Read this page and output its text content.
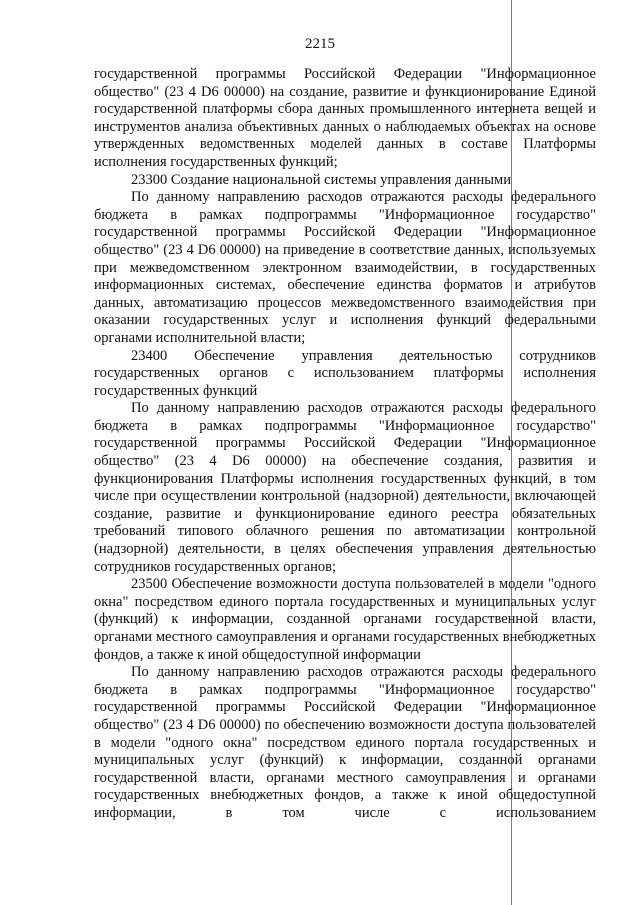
2215

государственной программы Российской Федерации "Информационное общество" (23 4 D6 00000) на создание, развитие и функционирование Единой государственной платформы сбора данных промышленного интернета вещей и инструментов анализа объективных данных о наблюдаемых объектах на основе утвержденных ведомственных моделей данных в составе Платформы исполнения государственных функций;

23300 Создание национальной системы управления данными

По данному направлению расходов отражаются расходы федерального бюджета в рамках подпрограммы "Информационное государство" государственной программы Российской Федерации "Информационное общество" (23 4 D6 00000) на приведение в соответствие данных, используемых при межведомственном электронном взаимодействии, в государственных информационных системах, обеспечение единства форматов и атрибутов данных, автоматизацию процессов межведомственного взаимодействия при оказании государственных услуг и исполнения функций федеральными органами исполнительной власти;

23400 Обеспечение управления деятельностью сотрудников государственных органов с использованием платформы исполнения государственных функций

По данному направлению расходов отражаются расходы федерального бюджета в рамках подпрограммы "Информационное государство" государственной программы Российской Федерации "Информационное общество" (23 4 D6 00000) на обеспечение создания, развития и функционирования Платформы исполнения государственных функций, в том числе при осуществлении контрольной (надзорной) деятельности, включающей создание, развитие и функционирование единого реестра обязательных требований типового облачного решения по автоматизации контрольной (надзорной) деятельности, в целях обеспечения управления деятельностью сотрудников государственных органов;

23500 Обеспечение возможности доступа пользователей в модели "одного окна" посредством единого портала государственных и муниципальных услуг (функций) к информации, созданной органами государственной власти, органами местного самоуправления и органами государственных внебюджетных фондов, а также к иной общедоступной информации

По данному направлению расходов отражаются расходы федерального бюджета в рамках подпрограммы "Информационное государство" государственной программы Российской Федерации "Информационное общество" (23 4 D6 00000) по обеспечению возможности доступа пользователей в модели "одного окна" посредством единого портала государственных и муниципальных услуг (функций) к информации, созданной органами государственной власти, органами местного самоуправления и органами государственных внебюджетных фондов, а также к иной общедоступной информации, в том числе с использованием
